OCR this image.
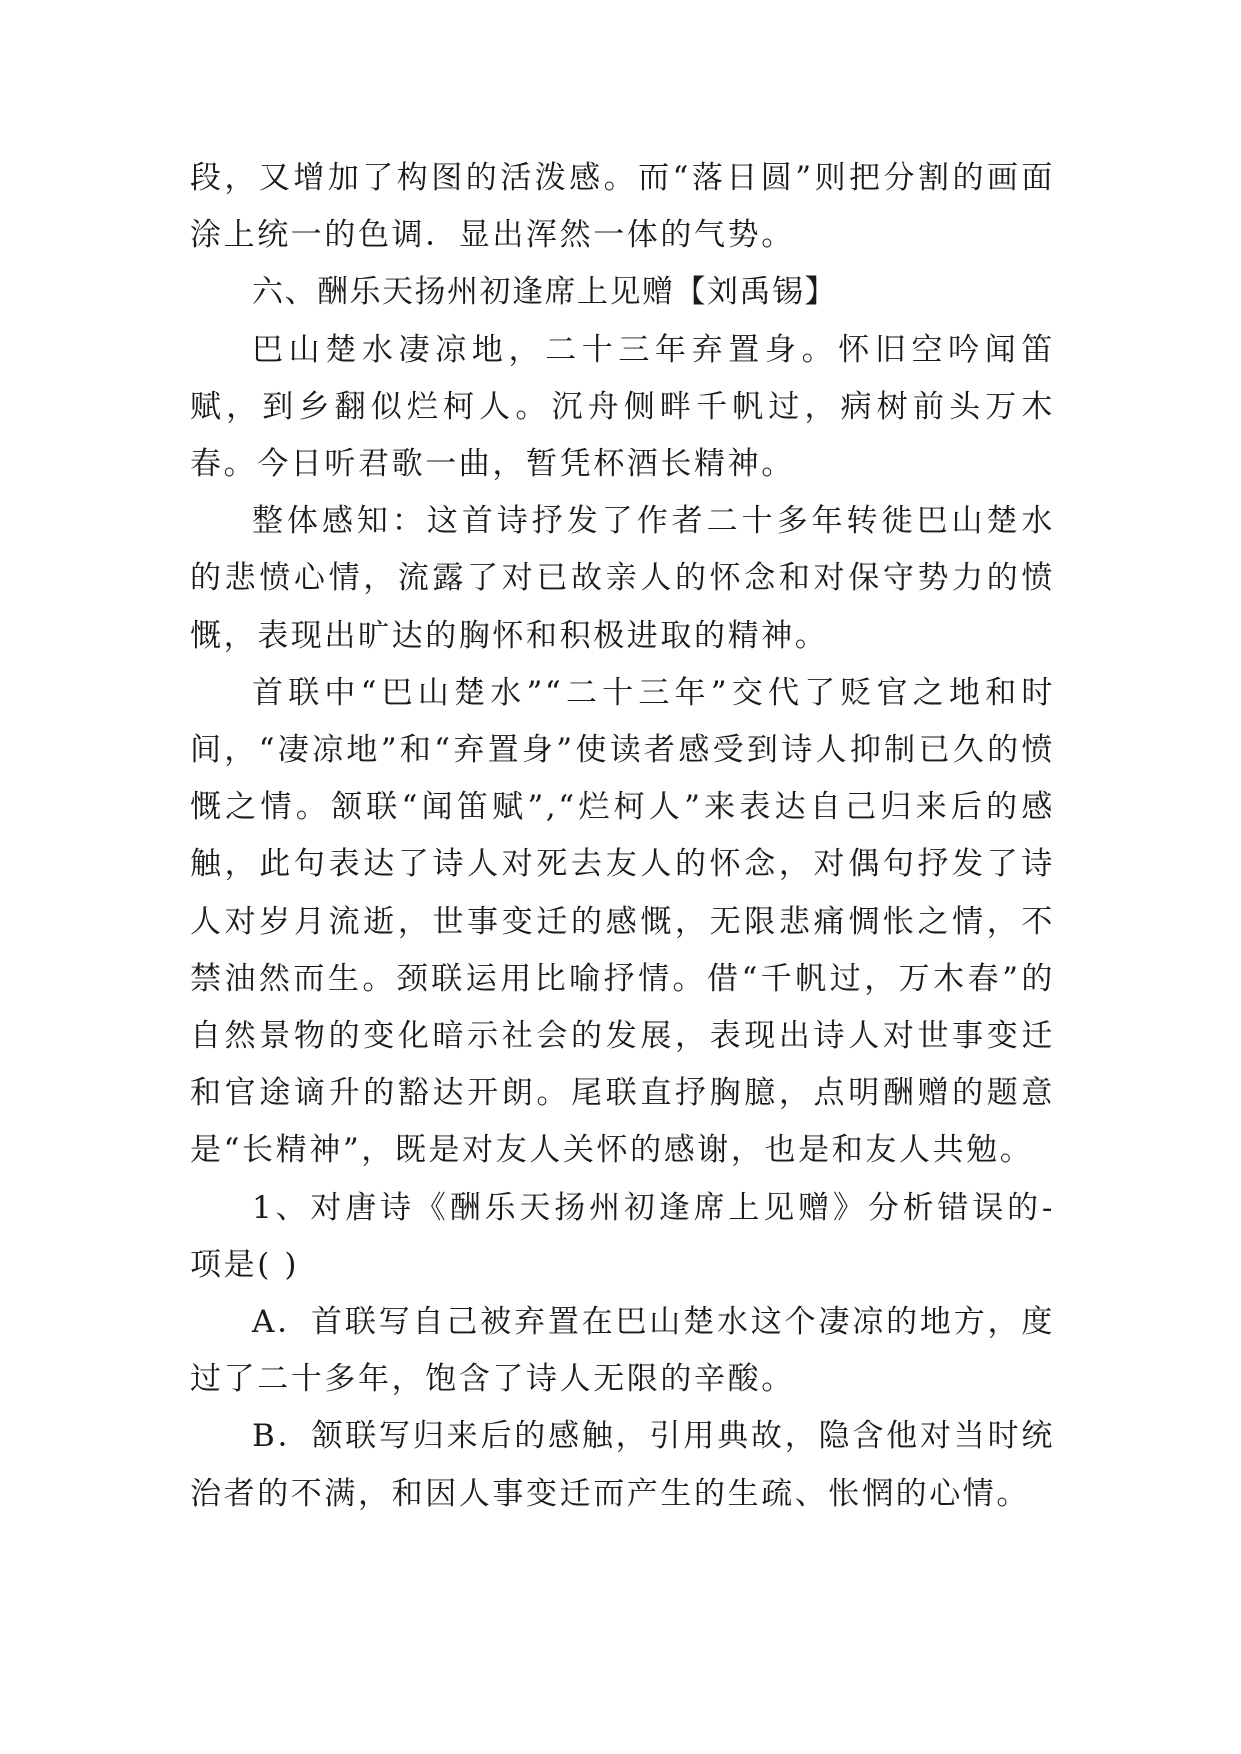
段，又增加了构图的活泼感。而“落日圆”则把分割的画面涂上统一的色调．显出浑然一体的气势。

六、酬乐天扬州初逢席上见赠【刘禹锡】

巴山楚水凄凉地，二十三年弃置身。怀旧空吟闻笛赋，到乡翻似烂柯人。沉舟侧畔千帆过，病树前头万木春。今日听君歌一曲，暂凭杯酒长精神。

整体感知：这首诗抒发了作者二十多年转徙巴山楚水的悲愤心情，流露了对已故亲人的怀念和对保守势力的愤慨，表现出旷达的胸怀和积极进取的精神。

首联中“巴山楚水”“二十三年”交代了贬官之地和时间，“凄凉地”和“弃置身”使读者感受到诗人抑制已久的愤慨之情。颔联“闻笛赋”,“烂柯人”来表达自己归来后的感触，此句表达了诗人对死去友人的怀念，对偶句抒发了诗人对岁月流逝，世事变迁的感慨，无限悲痛惆怅之情，不禁油然而生。颈联运用比喻抒情。借“千帆过，万木春”的自然景物的变化暗示社会的发展，表现出诗人对世事变迁和官途谪升的豁达开朗。尾联直抒胸臆，点明酬赠的题意是“长精神”，既是对友人关怀的感谢，也是和友人共勉。

1、对唐诗《酬乐天扬州初逢席上见赠》分析错误的-项是( )

A．首联写自己被弃置在巴山楚水这个凄凉的地方，度过了二十多年，饱含了诗人无限的辛酸。

B．颔联写归来后的感触，引用典故，隐含他对当时统治者的不满，和因人事变迁而产生的生疏、怅惘的心情。
